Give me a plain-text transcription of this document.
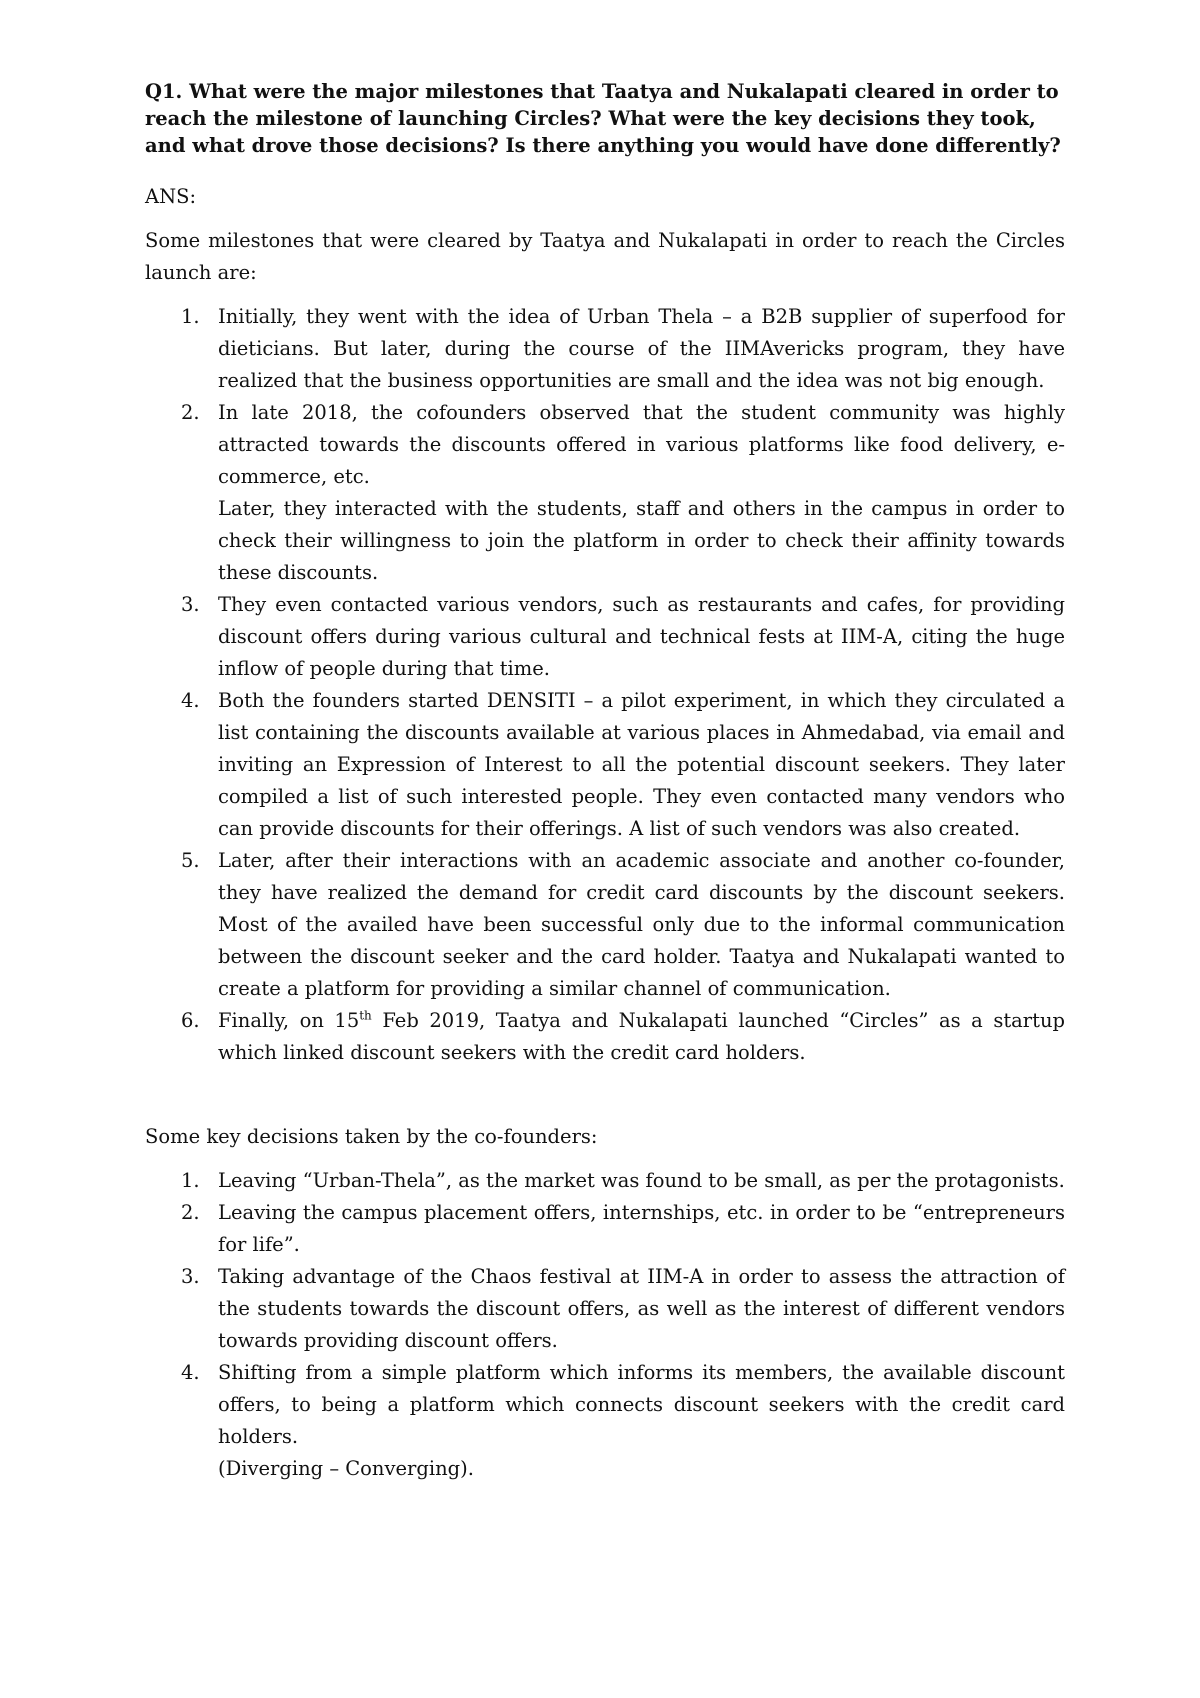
Q1. What were the major milestones that Taatya and Nukalapati cleared in order to reach the milestone of launching Circles? What were the key decisions they took, and what drove those decisions? Is there anything you would have done differently?

ANS:

Some milestones that were cleared by Taatya and Nukalapati in order to reach the Circles launch are:

1. Initially, they went with the idea of Urban Thela – a B2B supplier of superfood for dieticians. But later, during the course of the IIMAvericks program, they have realized that the business opportunities are small and the idea was not big enough.
2. In late 2018, the cofounders observed that the student community was highly attracted towards the discounts offered in various platforms like food delivery, e-commerce, etc.
Later, they interacted with the students, staff and others in the campus in order to check their willingness to join the platform in order to check their affinity towards these discounts.
3. They even contacted various vendors, such as restaurants and cafes, for providing discount offers during various cultural and technical fests at IIM-A, citing the huge inflow of people during that time.
4. Both the founders started DENSITI – a pilot experiment, in which they circulated a list containing the discounts available at various places in Ahmedabad, via email and inviting an Expression of Interest to all the potential discount seekers. They later compiled a list of such interested people. They even contacted many vendors who can provide discounts for their offerings. A list of such vendors was also created.
5. Later, after their interactions with an academic associate and another co-founder, they have realized the demand for credit card discounts by the discount seekers. Most of the availed have been successful only due to the informal communication between the discount seeker and the card holder. Taatya and Nukalapati wanted to create a platform for providing a similar channel of communication.
6. Finally, on 15th Feb 2019, Taatya and Nukalapati launched “Circles” as a startup which linked discount seekers with the credit card holders.

Some key decisions taken by the co-founders:

1. Leaving “Urban-Thela”, as the market was found to be small, as per the protagonists.
2. Leaving the campus placement offers, internships, etc. in order to be “entrepreneurs for life”.
3. Taking advantage of the Chaos festival at IIM-A in order to assess the attraction of the students towards the discount offers, as well as the interest of different vendors towards providing discount offers.
4. Shifting from a simple platform which informs its members, the available discount offers, to being a platform which connects discount seekers with the credit card holders.
(Diverging – Converging).
